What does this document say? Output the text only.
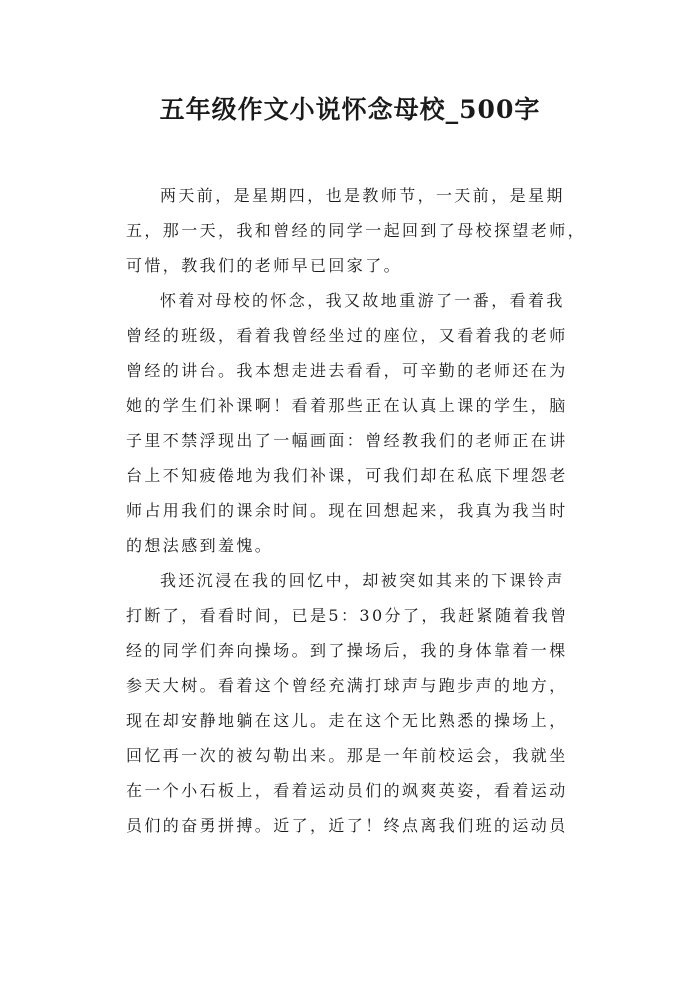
五年级作文小说怀念母校_500字

两天前，是星期四，也是教师节，一天前，是星期
五，那一天，我和曾经的同学一起回到了母校探望老师，
可惜，教我们的老师早已回家了。

怀着对母校的怀念，我又故地重游了一番，看着我
曾经的班级，看着我曾经坐过的座位，又看着我的老师
曾经的讲台。我本想走进去看看，可辛勤的老师还在为
她的学生们补课啊！看着那些正在认真上课的学生，脑
子里不禁浮现出了一幅画面：曾经教我们的老师正在讲
台上不知疲倦地为我们补课，可我们却在私底下埋怨老
师占用我们的课余时间。现在回想起来，我真为我当时
的想法感到羞愧。

我还沉浸在我的回忆中，却被突如其来的下课铃声
打断了，看看时间，已是5：30分了，我赶紧随着我曾
经的同学们奔向操场。到了操场后，我的身体靠着一棵
参天大树。看着这个曾经充满打球声与跑步声的地方，
现在却安静地躺在这儿。走在这个无比熟悉的操场上，
回忆再一次的被勾勒出来。那是一年前校运会，我就坐
在一个小石板上，看着运动员们的飒爽英姿，看着运动
员们的奋勇拼搏。近了，近了！终点离我们班的运动员
